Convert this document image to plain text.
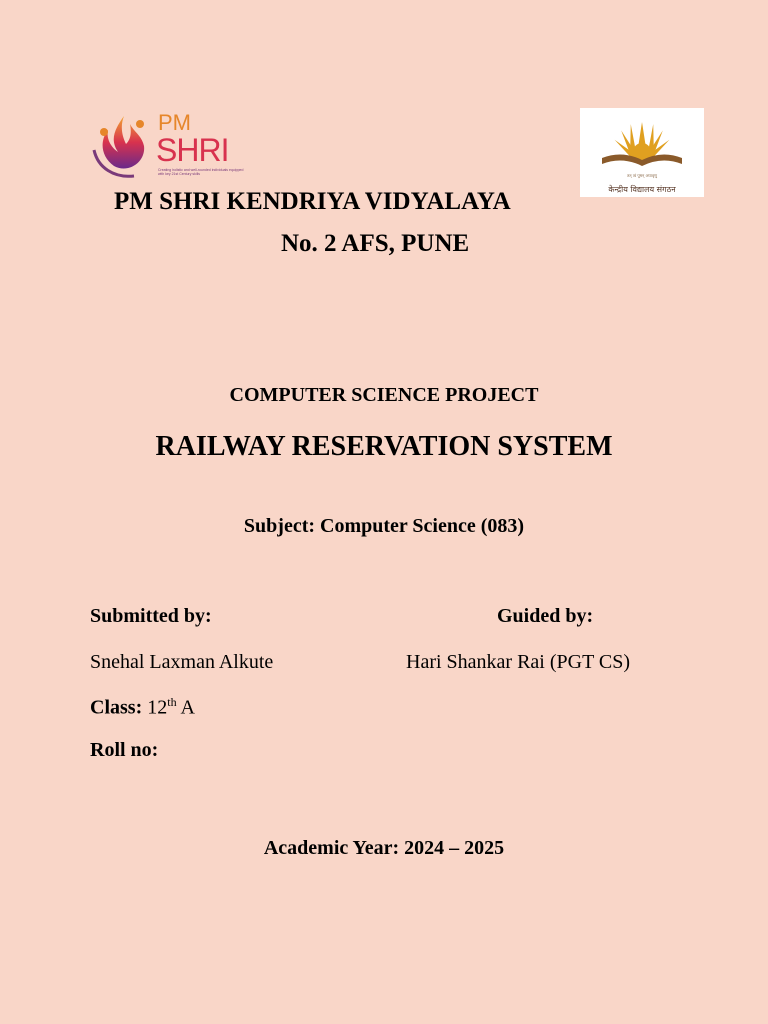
PM
SHRI
Creating holistic and well-rounded individuals equipped with key 21st Century skills	तत् त्वं पूषन् अपावृणु
केन्द्रीय विद्यालय संगठन
PM SHRI KENDRIYA VIDYALAYA
No. 2 AFS, PUNE
COMPUTER SCIENCE PROJECT
RAILWAY RESERVATION SYSTEM
Subject: Computer Science (083)
Submitted by:
Snehal Laxman Alkute
Class: 12th A
Roll no:
Guided by:
Hari Shankar Rai (PGT CS)
Academic Year: 2024 – 2025
